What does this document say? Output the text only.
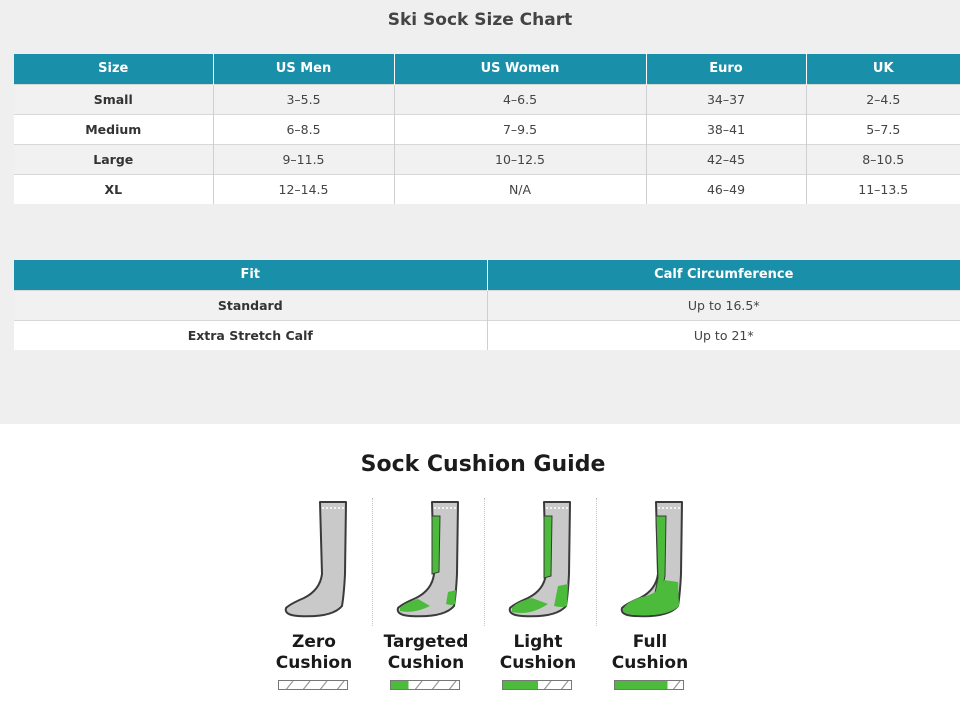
Ski Sock Size Chart
Size	US Men	US Women	Euro	UK
Small	3–5.5	4–6.5	34–37	2–4.5
Medium	6–8.5	7–9.5	38–41	5–7.5
Large	9–11.5	10–12.5	42–45	8–10.5
XL	12–14.5	N/A	46–49	11–13.5
Fit	Calf Circumference
Standard	Up to 16.5*
Extra Stretch Calf	Up to 21*
Sock Cushion Guide
Zero
Cushion
Targeted
Cushion
Light
Cushion
Full
Cushion
